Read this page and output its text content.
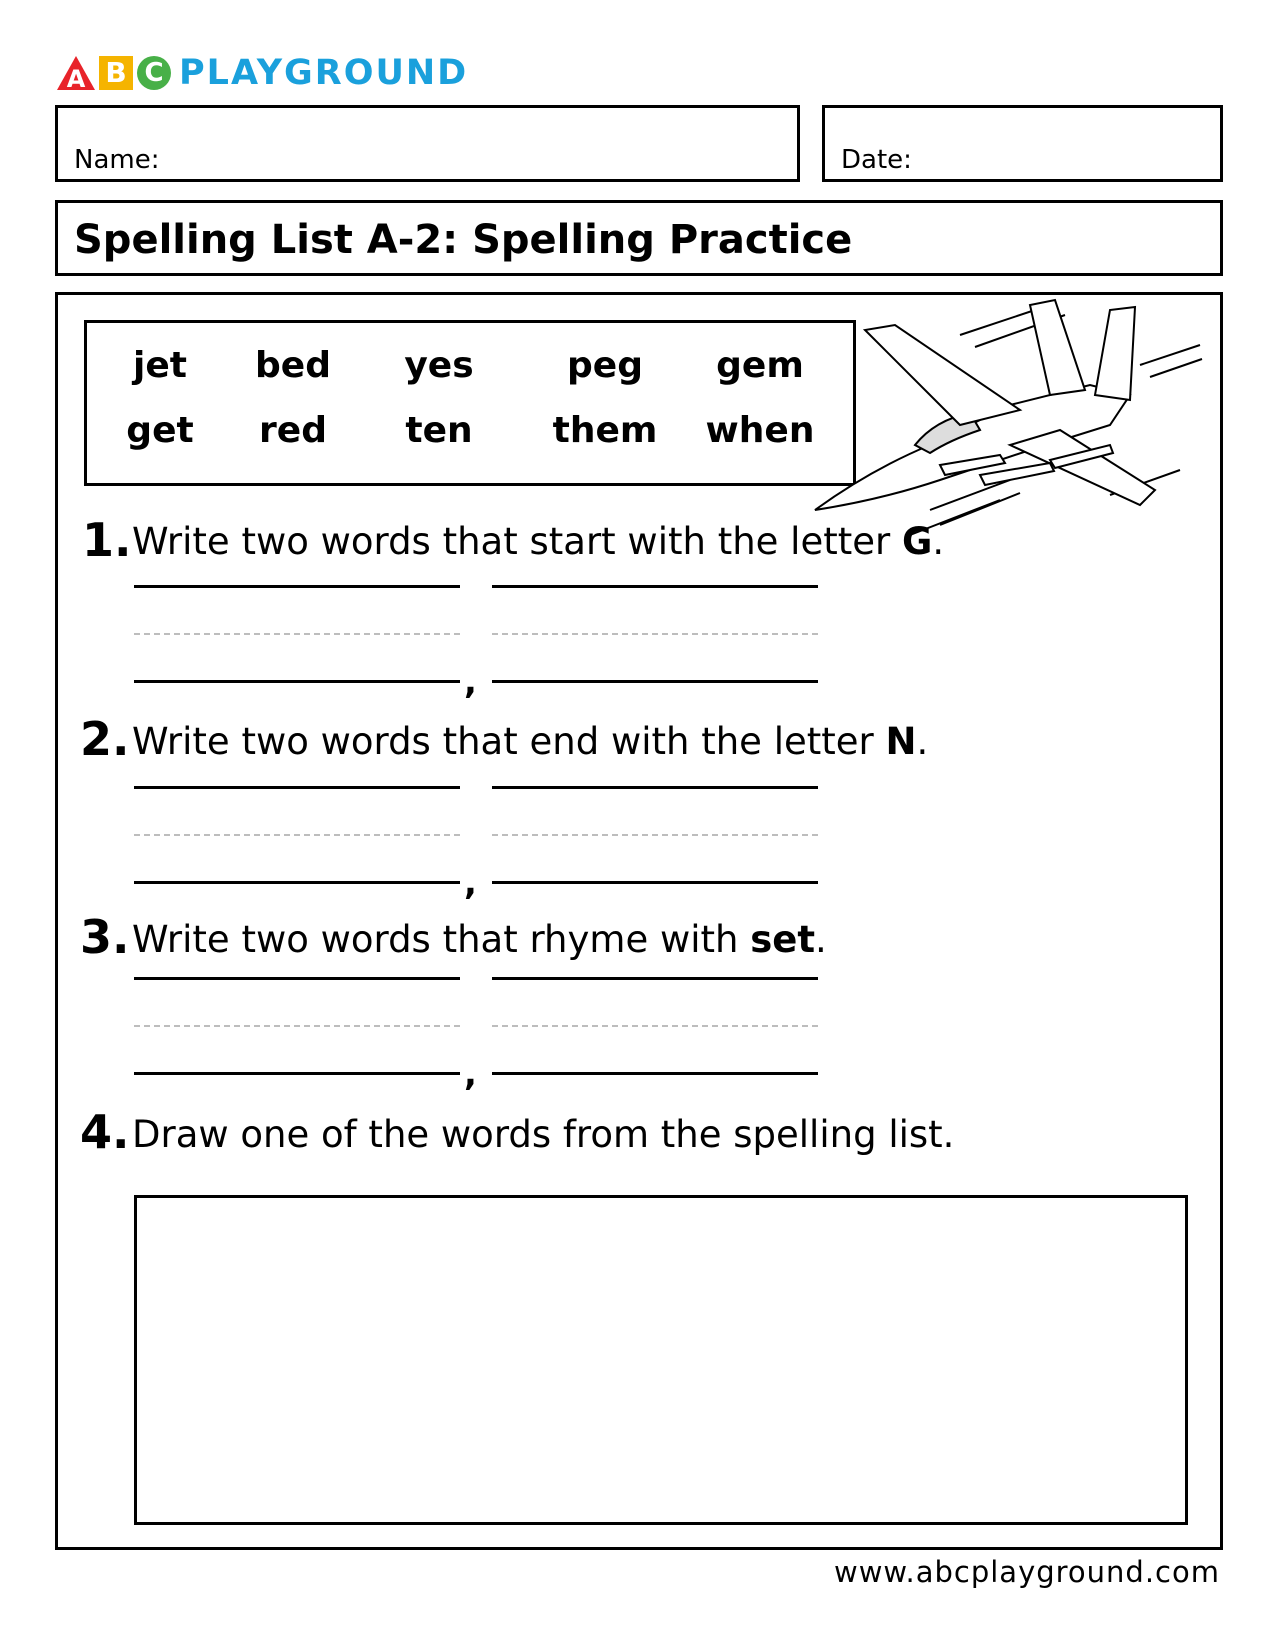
A B C PLAYGROUND
Name:	Date:
Spelling List A-2: Spelling Practice
jet bed yes	peg gem
get red ten them when
1. Write two words that start with the letter G.
,
2. Write two words that end with the letter N.
,
3. Write two words that rhyme with set.
,
4. Draw one of the words from the spelling list.
www.abcplayground.com
